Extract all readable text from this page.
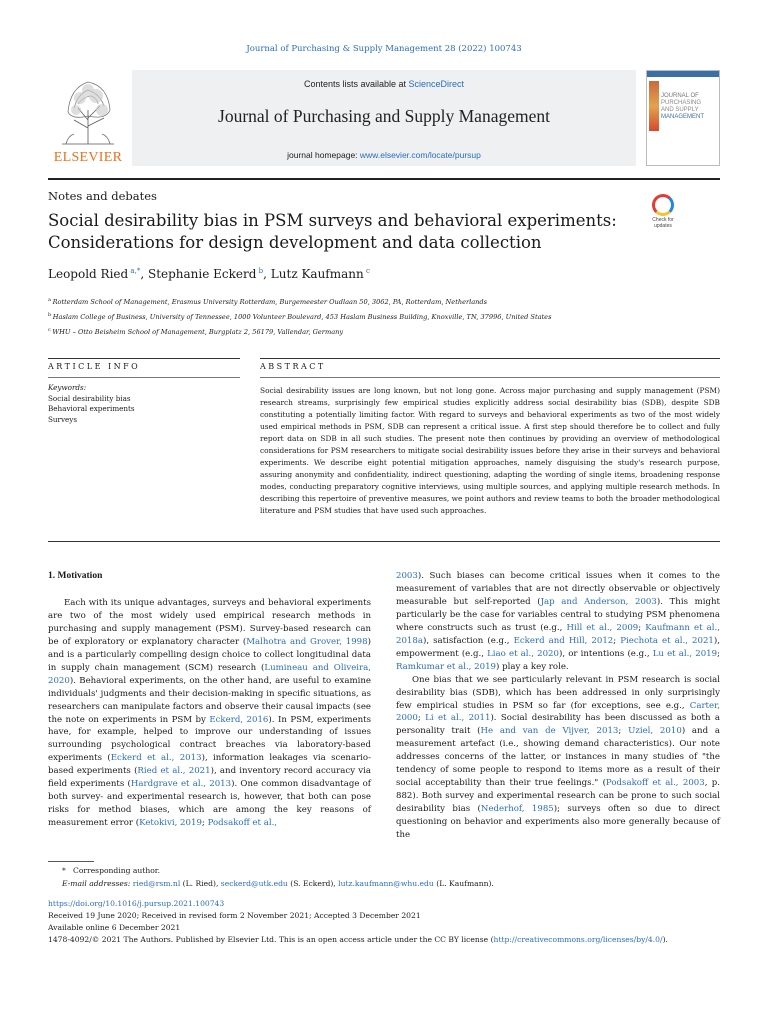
Journal of Purchasing & Supply Management 28 (2022) 100743
ELSEVIER
Contents lists available at ScienceDirect
Journal of Purchasing and Supply Management
journal homepage: www.elsevier.com/locate/pursup
JOURNAL OF
PURCHASING
AND SUPPLY
MANAGEMENT
Notes and debates
Check for updates
Social desirability bias in PSM surveys and behavioral experiments:
Considerations for design development and data collection
Leopold Ried $^{a,*}$, Stephanie Eckerd $^b$, Lutz Kaufmann $^c$
$^a$ Rotterdam School of Management, Erasmus University Rotterdam, Burgemeester Oudlaan 50, 3062, PA, Rotterdam, Netherlands
$^b$ Haslam College of Business, University of Tennessee, 1000 Volunteer Boulevard, 453 Haslam Business Building, Knoxville, TN, 37996, United States
$^c$ WHU – Otto Beisheim School of Management, Burgplatz 2, 56179, Vallendar, Germany
ARTICLE INFO	ABSTRACT
Keywords:
Social desirability bias
Behavioral experiments
Surveys
Social desirability issues are long known, but not long gone. Across major purchasing and supply management (PSM) research streams, surprisingly few empirical studies explicitly address social desirability bias (SDB), despite SDB constituting a potentially limiting factor. With regard to surveys and behavioral experiments as two of the most widely used empirical methods in PSM, SDB can represent a critical issue. A first step should therefore be to collect and fully report data on SDB in all such studies. The present note then continues by providing an overview of methodological considerations for PSM researchers to mitigate social desirability issues before they arise in their surveys and behavioral experiments. We describe eight potential mitigation approaches, namely disguising the study's research purpose, assuring anonymity and confidentiality, indirect questioning, adapting the wording of single items, broadening response modes, conducting preparatory cognitive interviews, using multiple sources, and applying multiple research methods. In describing this repertoire of preventive measures, we point authors and review teams to both the broader methodological literature and PSM studies that have used such approaches.
1. Motivation

Each with its unique advantages, surveys and behavioral experiments are two of the most widely used empirical research methods in purchasing and supply management (PSM). Survey-based research can be of exploratory or explanatory character (Malhotra and Grover, 1998) and is a particularly compelling design choice to collect longitudinal data in supply chain management (SCM) research (Lumineau and Oliveira, 2020). Behavioral experiments, on the other hand, are useful to examine individuals' judgments and their decision-making in specific situations, as researchers can manipulate factors and observe their causal impacts (see the note on experiments in PSM by Eckerd, 2016). In PSM, experiments have, for example, helped to improve our understanding of issues surrounding psychological contract breaches via laboratory-based experiments (Eckerd et al., 2013), information leakages via scenario-based experiments (Ried et al., 2021), and inventory record accuracy via field experiments (Hardgrave et al., 2013). One common disadvantage of both survey- and experimental research is, however, that both can pose risks for method biases, which are among the key reasons of measurement error (Ketokivi, 2019; Podsakoff et al.,

2003). Such biases can become critical issues when it comes to the measurement of variables that are not directly observable or objectively measurable but self-reported (Jap and Anderson, 2003). This might particularly be the case for variables central to studying PSM phenomena where constructs such as trust (e.g., Hill et al., 2009; Kaufmann et al., 2018a), satisfaction (e.g., Eckerd and Hill, 2012; Piechota et al., 2021), empowerment (e.g., Liao et al., 2020), or intentions (e.g., Lu et al., 2019; Ramkumar et al., 2019) play a key role.

One bias that we see particularly relevant in PSM research is social desirability bias (SDB), which has been addressed in only surprisingly few empirical studies in PSM so far (for exceptions, see e.g., Carter, 2000; Li et al., 2011). Social desirability has been discussed as both a personality trait (He and van de Vijver, 2013; Uziel, 2010) and a measurement artefact (i.e., showing demand characteristics). Our note addresses concerns of the latter, or instances in many studies of "the tendency of some people to respond to items more as a result of their social acceptability than their true feelings." (Podsakoff et al., 2003, p. 882). Both survey and experimental research can be prone to such social desirability bias (Nederhof, 1985); surveys often so due to direct questioning on behavior and experiments also more generally because of the

* Corresponding author.
E-mail addresses: ried@rsm.nl (L. Ried), seckerd@utk.edu (S. Eckerd), lutz.kaufmann@whu.edu (L. Kaufmann).
https://doi.org/10.1016/j.pursup.2021.100743
Received 19 June 2020; Received in revised form 2 November 2021; Accepted 3 December 2021
Available online 6 December 2021
1478-4092/© 2021 The Authors. Published by Elsevier Ltd. This is an open access article under the CC BY license (http://creativecommons.org/licenses/by/4.0/).
